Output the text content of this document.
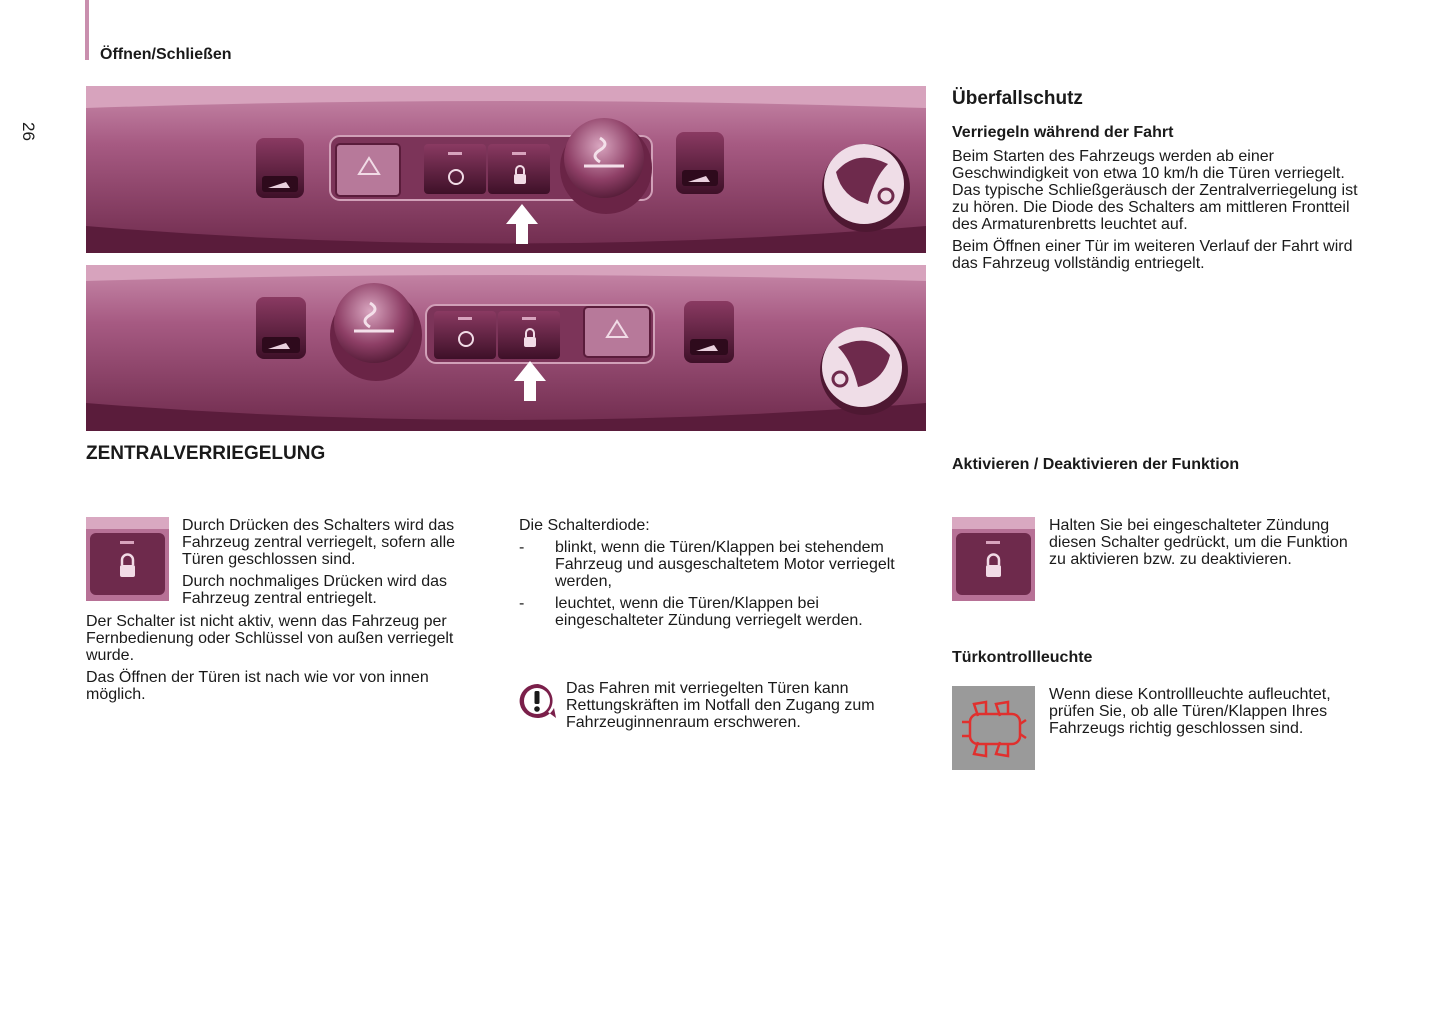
Öffnen/Schließen
26
ZENTRALVERRIEGELUNG

Durch Drücken des Schalters wird das Fahrzeug zentral verriegelt, sofern alle Türen geschlossen sind.

Durch nochmaliges Drücken wird das Fahrzeug zentral entriegelt.

Der Schalter ist nicht aktiv, wenn das Fahrzeug per Fernbedienung oder Schlüssel von außen verriegelt wurde.

Das Öffnen der Türen ist nach wie vor von innen möglich.

Die Schalterdiode:

-	blinkt, wenn die Türen/Klappen bei stehendem Fahrzeug und ausgeschaltetem Motor verriegelt werden,
-	leuchtet, wenn die Türen/Klappen bei eingeschalteter Zündung verriegelt werden.
Das Fahren mit verriegelten Türen kann Rettungskräften im Notfall den Zugang zum Fahrzeuginnenraum erschweren.
Überfallschutz
Verriegeln während der Fahrt

Beim Starten des Fahrzeugs werden ab einer Geschwindigkeit von etwa 10 km/h die Türen verriegelt. Das typische Schließgeräusch der Zentralverriegelung ist zu hören. Die Diode des Schalters am mittleren Frontteil des Armaturenbretts leuchtet auf.

Beim Öffnen einer Tür im weiteren Verlauf der Fahrt wird das Fahrzeug vollständig entriegelt.

Aktivieren / Deaktivieren der Funktion
Halten Sie bei eingeschalteter Zündung diesen Schalter gedrückt, um die Funktion zu aktivieren bzw. zu deaktivieren.
Türkontrollleuchte
Wenn diese Kontrollleuchte aufleuchtet, prüfen Sie, ob alle Türen/Klappen Ihres Fahrzeugs richtig geschlossen sind.
